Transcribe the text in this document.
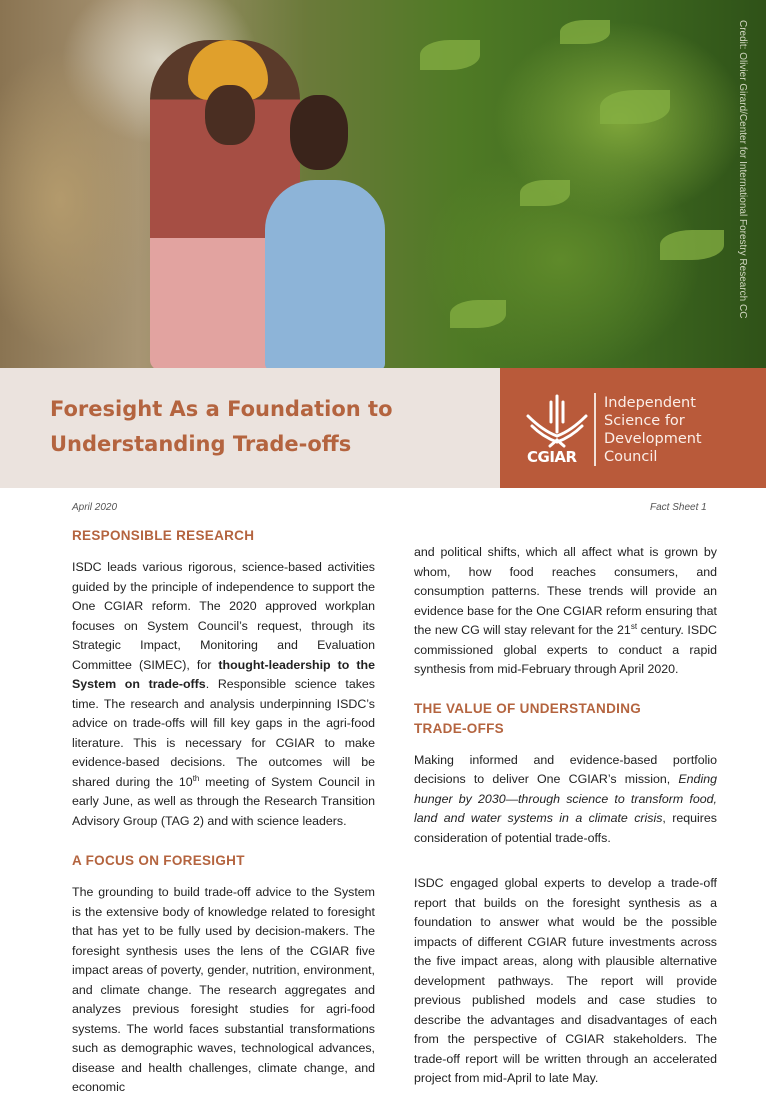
Credit: Olivier Girard/Center for International Forestry Research CC
Foresight As a Foundation to
Understanding Trade-offs
CGIAR
Independent
Science for
Development
Council
April 2020	Fact Sheet 1
RESPONSIBLE RESEARCH

ISDC leads various rigorous, science-based activities guided by the principle of independence to support the One CGIAR reform. The 2020 approved workplan focuses on System Council’s request, through its Strategic Impact, Monitoring and Evaluation Committee (SIMEC), for thought-leadership to the System on trade-offs. Responsible science takes time. The research and analysis underpinning ISDC’s advice on trade-offs will fill key gaps in the agri-food literature. This is necessary for CGIAR to make evidence-based decisions. The outcomes will be shared during the 10th meeting of System Council in early June, as well as through the Research Transition Advisory Group (TAG 2) and with science leaders.

A FOCUS ON FORESIGHT

The grounding to build trade-off advice to the System is the extensive body of knowledge related to foresight that has yet to be fully used by decision-makers. The foresight synthesis uses the lens of the CGIAR five impact areas of poverty, gender, nutrition, environment, and climate change. The research aggregates and analyzes previous foresight studies for agri-food systems. The world faces substantial transformations such as demographic waves, technological advances, disease and health challenges, climate change, and economic

and political shifts, which all affect what is grown by whom, how food reaches consumers, and consumption patterns. These trends will provide an evidence base for the One CGIAR reform ensuring that the new CG will stay relevant for the 21st century. ISDC commissioned global experts to conduct a rapid synthesis from mid-February through April 2020.

THE VALUE OF UNDERSTANDING
TRADE-OFFS

Making informed and evidence-based portfolio decisions to deliver One CGIAR’s mission, Ending hunger by 2030—through science to transform food, land and water systems in a climate crisis, requires consideration of potential trade-offs.

ISDC engaged global experts to develop a trade-off report that builds on the foresight synthesis as a foundation to answer what would be the possible impacts of different CGIAR future investments across the five impact areas, along with plausible alternative development pathways. The report will provide previous published models and case studies to describe the advantages and disadvantages of each from the perspective of CGIAR stakeholders. The trade-off report will be written through an accelerated project from mid-April to late May.
